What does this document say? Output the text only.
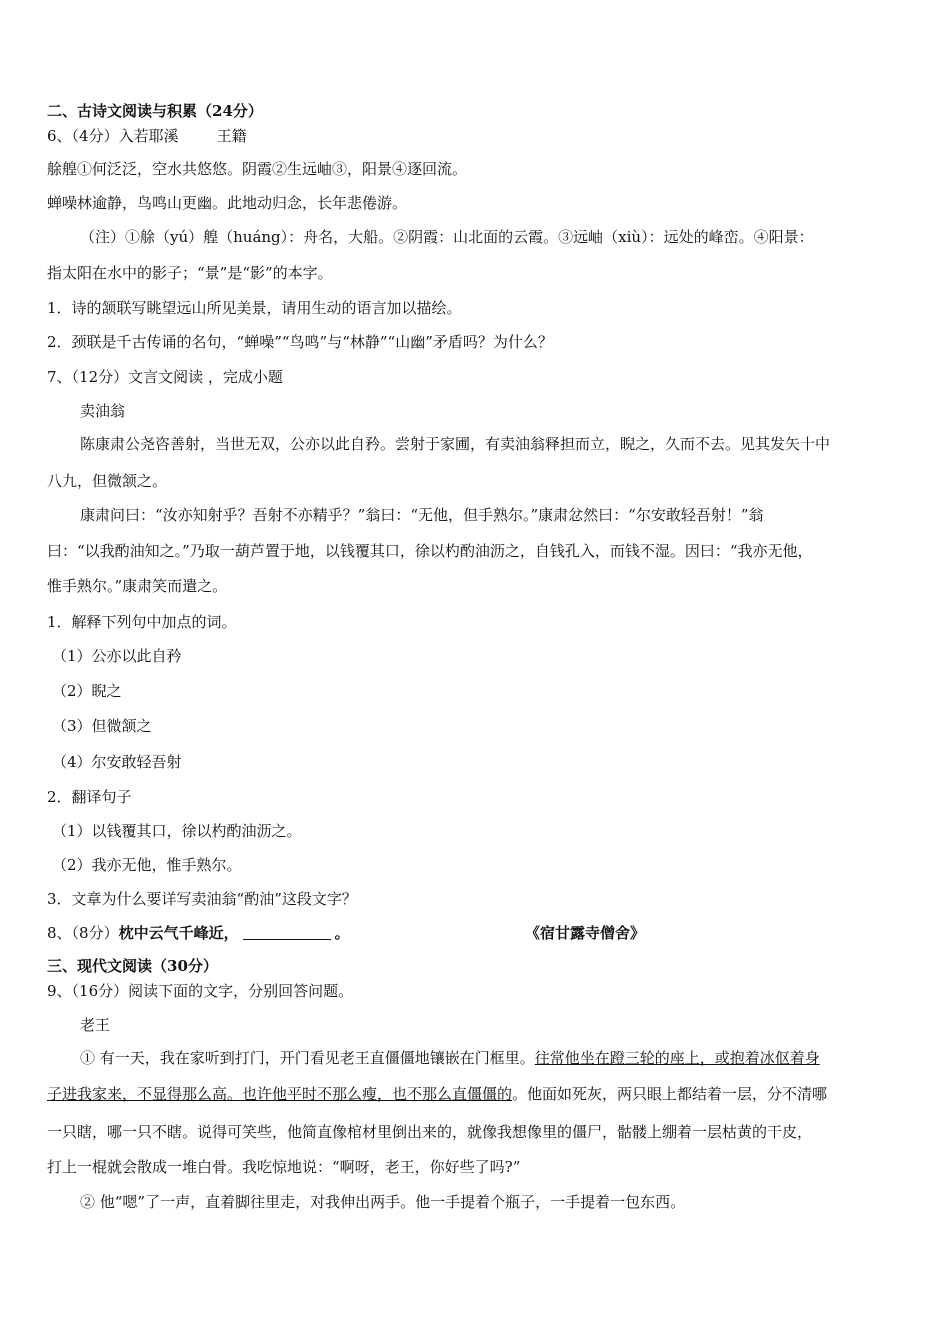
二、古诗文阅读与积累（24分）
6、（4分）入若耶溪	王籍
艅艎①何泛泛，空水共悠悠。阴霞②生远岫③，阳景④逐回流。
蝉噪林逾静，鸟鸣山更幽。此地动归念，长年悲倦游。
（注）①艅（yú）艎（huáng）：舟名，大船。②阴霞：山北面的云霞。③远岫（xiù）：远处的峰峦。④阳景：
指太阳在水中的影子；“景”是“影”的本字。
1．诗的颔联写眺望远山所见美景，请用生动的语言加以描绘。
2．颈联是千古传诵的名句，“蝉噪”“鸟鸣”与“林静”“山幽”矛盾吗？为什么？
7、（12分）文言文阅读 ，完成小题
卖油翁
陈康肃公尧咨善射，当世无双，公亦以此自矜。尝射于家圃，有卖油翁释担而立，睨之，久而不去。见其发矢十中
八九，但微颔之。
康肃问曰：“汝亦知射乎？吾射不亦精乎？”翁曰：“无他，但手熟尔。”康肃忿然曰：“尔安敢轻吾射！”翁
曰：“以我酌油知之。”乃取一葫芦置于地，以钱覆其口，徐以杓酌油沥之，自钱孔入，而钱不湿。因曰：“我亦无他，
惟手熟尔。”康肃笑而遣之。
1．解释下列句中加点的词。
（1）公亦以此自矜
（2）睨之
（3）但微颔之
（4）尔安敢轻吾射
2．翻译句子
（1）以钱覆其口，徐以杓酌油沥之。
（2）我亦无他，惟手熟尔。
3．文章为什么要详写卖油翁“酌油”这段文字？
8、（8分）枕中云气千峰近，	。	《宿甘露寺僧舍》
三、现代文阅读（30分）
9、（16分）阅读下面的文字，分别回答问题。
老王
① 有一天，我在家听到打门，开门看见老王直僵僵地镶嵌在门框里。往常他坐在蹬三轮的座上，或抱着冰伛着身
子进我家来，不显得那么高。也许他平时不那么瘦，也不那么直僵僵的。他面如死灰，两只眼上都结着一层，分不清哪
一只瞎，哪一只不瞎。说得可笑些，他简直像棺材里倒出来的，就像我想像里的僵尸，骷髅上绷着一层枯黄的干皮，
打上一棍就会散成一堆白骨。我吃惊地说：“啊呀，老王，你好些了吗?”
② 他“嗯”了一声，直着脚往里走，对我伸出两手。他一手提着个瓶子，一手提着一包东西。
